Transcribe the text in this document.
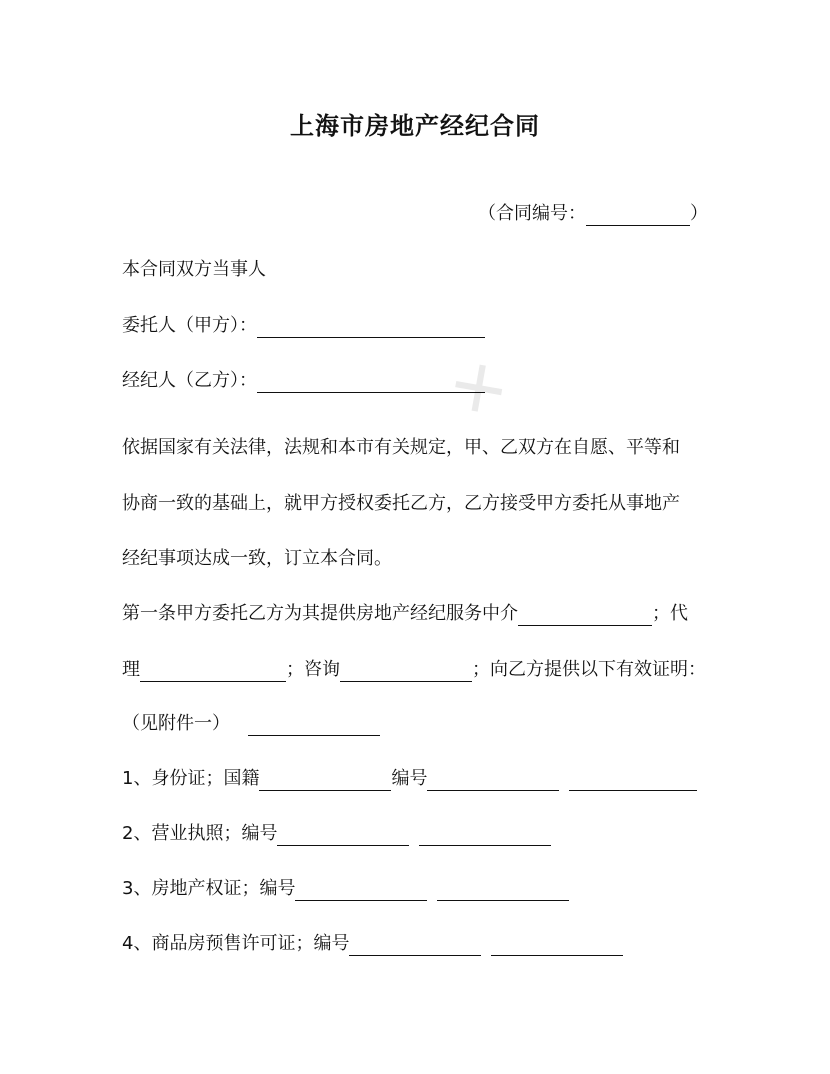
✕
上海市房地产经纪合同
（合同编号：	）
本合同双方当事人
委托人（甲方）：
经纪人（乙方）：
依据国家有关法律，法规和本市有关规定，甲、乙双方在自愿、平等和
协商一致的基础上，就甲方授权委托乙方，乙方接受甲方委托从事地产
经纪事项达成一致，订立本合同。
第一条甲方委托乙方为其提供房地产经纪服务中介	；代
理	；咨询	；向乙方提供以下有效证明：
（见附件一）
1、身份证；国籍	编号
2、营业执照；编号
3、房地产权证；编号
4、商品房预售许可证；编号
